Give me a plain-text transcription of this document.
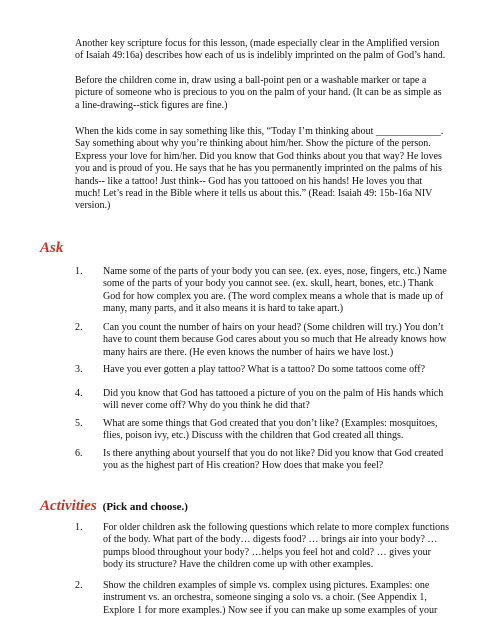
Another key scripture focus for this lesson, (made especially clear in the Amplified version of Isaiah 49:16a) describes how each of us is indelibly imprinted on the palm of God’s hand.

Before the children come in, draw using a ball-point pen or a washable marker or tape a picture of someone who is precious to you on the palm of your hand. (It can be as simple as a line-drawing--stick figures are fine.)

When the kids come in say something like this, “Today I’m thinking about _____________. Say something about why you’re thinking about him/her. Show the picture of the person. Express your love for him/her. Did you know that God thinks about you that way? He loves you and is proud of you. He says that he has you permanently imprinted on the palms of his hands-- like a tattoo! Just think-- God has you tattooed on his hands! He loves you that much! Let’s read in the Bible where it tells us about this.” (Read: Isaiah 49: 15b-16a NIV version.)

Ask
1.	Name some of the parts of your body you can see. (ex. eyes, nose, fingers, etc.) Name some of the parts of your body you cannot see. (ex. skull, heart, bones, etc.) Thank God for how complex you are. (The word complex means a whole that is made up of many, many parts, and it also means it is hard to take apart.)

2.	Can you count the number of hairs on your head? (Some children will try.) You don’t have to count them because God cares about you so much that He already knows how many hairs are there. (He even knows the number of hairs we have lost.)

3.	Have you ever gotten a play tattoo? What is a tattoo? Do some tattoos come off?

4.	Did you know that God has tattooed a picture of you on the palm of His hands which will never come off? Why do you think he did that?

5.	What are some things that God created that you don’t like? (Examples: mosquitoes, flies, poison ivy, etc.) Discuss with the children that God created all things.

6.	Is there anything about yourself that you do not like? Did you know that God created you as the highest part of His creation? How does that make you feel?

Activities (Pick and choose.)
1.	For older children ask the following questions which relate to more complex functions of the body. What part of the body… digests food? … brings air into your body? … pumps blood throughout your body? …helps you feel hot and cold? … gives your body its structure? Have the children come up with other examples.

2.	Show the children examples of simple vs. complex using pictures. Examples: one instrument vs. an orchestra, someone singing a solo vs. a choir. (See Appendix 1, Explore 1 for more examples.) Now see if you can make up some examples of your
